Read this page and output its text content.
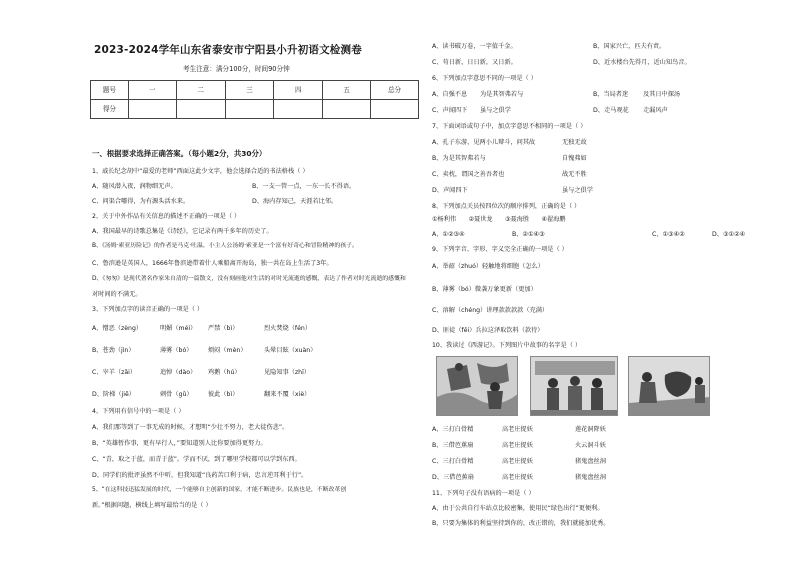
2023-2024学年山东省泰安市宁阳县小升初语文检测卷
考生注意：满分100分，时间90分钟
题号	一	二	三	四	五	总分
得分						
一、根据要求选择正确答案。（每小题2分，共30分）
1、戚长纪念胡中“最爱的老师”西面这此少文字，他会选择合适的书法格栈（ ）
A、随风潜入夜，润物细无声。	B、一支一管一点，一东一长不得语。
C、问渠合哪得，为有源头活水来。	D、海内存知己，天涯若比邻。
2、关于中外作品有关信息的描述不正确的一项是（ ）
A、我国最早的诗歌总集是《诗经》，它记录有两千多年的历史了。
B、《汤姆·索亚历险记》的作者是马克·吐温，小主人公汤姆·索亚是一个富有好奇心和冒险精神的孩子。
C、鲁滨逊是英国人，1666年鲁滨逊带着什人乘船离开海岛，独一共在岛上生活了3年。
D、《匆匆》是现代著名作家朱自清的一篇散文，没有刻画他对生活的对时光流逝的感慨，表达了作者对时光流逝的感慨和
对时间的不满无。
3、下列加点字的读音正确的一项是（ ）
A、憎恶（zèng）	明媚（méi） 严禁（bì）	烈火焚烧（fén）
B、苍劲（jìn）	薄雾（bó）	烦闷（mèn）	头晕目眩（xuàn）
C、宰羊（zǎi）	追悼（dào） 鸡鹅（hú）	见隐知事（zhī）
D、阶梯（jiē）	刺骨（gǔ） 彼此（bì）	翻来不覆（xiè）
4、下列用有信号中的一项是（ ）
A、我们那等到了一事无成的时候，才想明“少壮不努力，老大徒伤悲”。
B、“英雄暂作事，更有早行人，”要知道别人比你要加得更努力。
C、“青，取之于蓝，而青于蓝”。学而不厌，到了哪里学校都可以学到东西。
D、同学们的批评虽然不中听，但我知道“良药苦口利于病，忠言逆耳利于行”。
5、“在这科技迅猛发展的时代，一个能够自主创新的国家，才能不断进步。民族也是，不断改革创
新。”根据问题，横线上填写最恰当的是（ ）
A、读书破万卷，一字值千金。	B、国家兴亡，匹夫有责。
C、苟日新，日日新，又日新。	D、近水楼台先得月，近山知鸟音。
6、下列加点字意思不同的一项是（ ）
A、自强不息 为是其智弗若与	B、当局者迷 及其日中探汤
C、声闻四下 虽与之俱学	D、走马观花 走漏风声
7、下面词语或句子中，加点字意思不相同的一项是（ ）
A、孔子东游，见两小儿辩斗，问其故	无独无故
B、为是其智弗若与	自愧弗如
C、卖枕，谓国之善吾者也	战无不胜
D、声闻四下	虽与之俱学
8、下列加点关员按四位次的顺序排列，正确的是（ ）
①杨利伟　　②聂世龙　　③聂海胜　　④翟海鹏
A、①②③④	B、②①④③	C、①③④②	D、③①②④
9、下列字音、字形、字义完全正确的一项是（ ）
A、举韶（zhuó）轻触地将细胞（怎么）
B、薄雾（bó）微袭万象更新（更加）
C、溶解（chéng）讲理款款款款（充满）
D、匪徒（fěi）兵拉这泽取饮料（款待）
10、我读过《西游记》。下列图片中故事的名字是（ ）
A、三打白骨精	高老庄捉妖	莲花洞降妖
B、三借芭蕉扇	高老庄捉妖	火云洞斗妖
C、三打白骨精	高老庄捉妖	猪鬼盘丝洞
D、三借芭蕉扇	高老庄捉妖	猪鬼盘丝洞
11、下列句子没有语病的一项是（ ）
A、由于公共自行车站点比较密集，使用民“绿色出行”更便利。
B、只要为集体的利益坚持到你的，改正错的，我们就能加优秀。
